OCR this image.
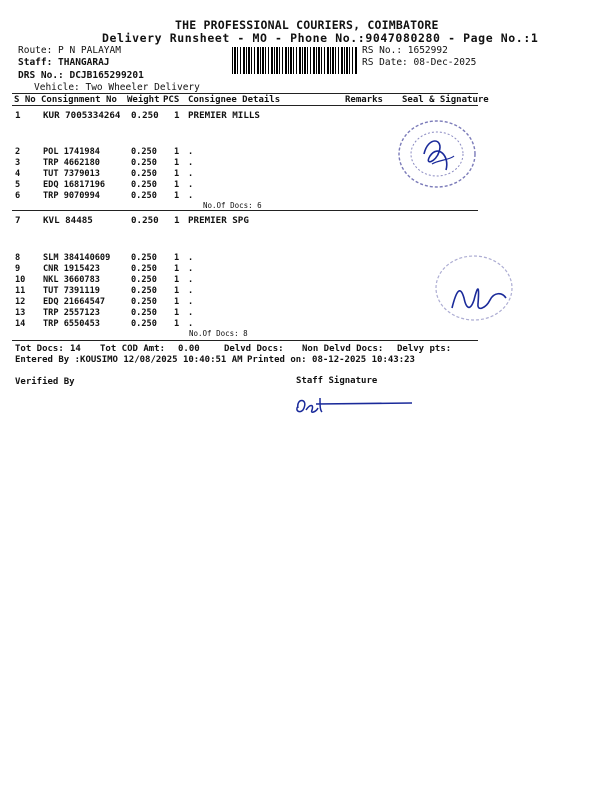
THE PROFESSIONAL COURIERS, COIMBATORE
Delivery Runsheet - MO - Phone No.:9047080280 - Page No.:1
Route: P N PALAYAM
Staff: THANGARAJ
DRS No.: DCJB165299201
Vehicle: Two Wheeler Delivery
RS No.: 1652992
RS Date: 08-Dec-2025
S No Consignment No Weight PCS Consignee Details	Remarks Seal & Signature
1 KUR 7005334264 0.250 1 PREMIER MILLS
2	POL 1741984	0.250 1 .
3	TRP 4662180	0.250 1 .
4	TUT 7379013	0.250 1 .
5	EDQ 16817196	0.250 1 .
6	TRP 9070994	0.250 1 .
No.Of Docs: 6
7 KVL 84485	0.250 1 PREMIER SPG
8	SLM 384140609 0.250 1 .
9	CNR 1915423	0.250 1 .
10 NKL 3660783	0.250 1 .
11 TUT 7391119	0.250 1 .
12 EDQ 21664547	0.250 1 .
13 TRP 2557123	0.250 1 .
14 TRP 6550453	0.250 1 .
No.Of Docs: 8
Tot Docs: 14 Tot COD Amt: 0.00	Delvd Docs: Non Delvd Docs: Delvy pts:
Entered By :KOUSIMO 12/08/2025 10:40:51 AM Printed on: 08-12-2025 10:43:23
Verified By	Staff Signature
